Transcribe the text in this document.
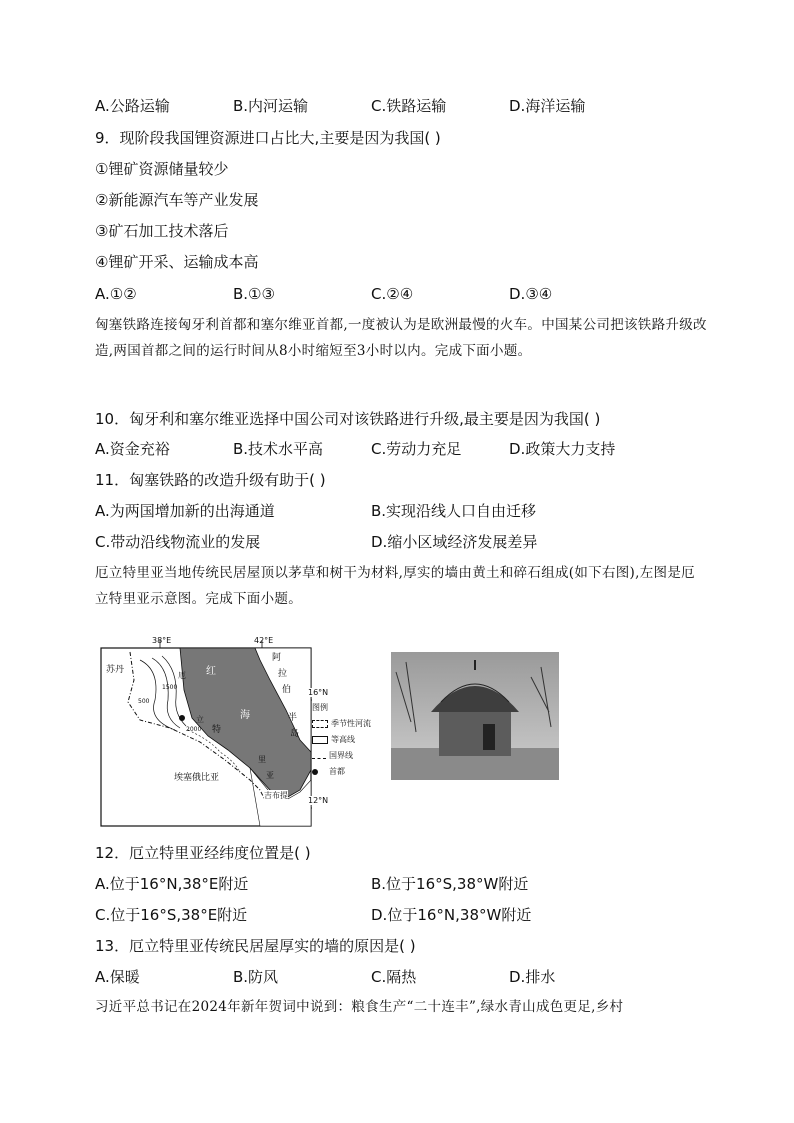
A.公路运输	B.内河运输	C.铁路运输	D.海洋运输
9．现阶段我国锂资源进口占比大,主要是因为我国( )
①锂矿资源储量较少
②新能源汽车等产业发展
③矿石加工技术落后
④锂矿开采、运输成本高
A.①②	B.①③	C.②④	D.③④
匈塞铁路连接匈牙利首都和塞尔维亚首都,一度被认为是欧洲最慢的火车。中国某公司把该铁路升级改造,两国首都之间的运行时间从8小时缩短至3小时以内。完成下面小题。
10．匈牙利和塞尔维亚选择中国公司对该铁路进行升级,最主要是因为我国( )
A.资金充裕	B.技术水平高	C.劳动力充足	D.政策大力支持
11．匈塞铁路的改造升级有助于( )
A.为两国增加新的出海通道	B.实现沿线人口自由迁移
C.带动沿线物流业的发展	D.缩小区域经济发展差异
厄立特里亚当地传统民居屋顶以茅草和树干为材料,厚实的墙由黄土和碎石组成(如下右图),左图是厄立特里亚示意图。完成下面小题。
38°E	42°E
16°N
12°N
苏丹	红
海
阿
拉
伯
半
岛
厄
立
特
里
亚
埃塞俄比亚
吉布提
500
1500
2000
图例
季节性河流
等高线
国界线
首都
12．厄立特里亚经纬度位置是( )
A.位于16°N,38°E附近	B.位于16°S,38°W附近
C.位于16°S,38°E附近	D.位于16°N,38°W附近
13．厄立特里亚传统民居屋厚实的墙的原因是( )
A.保暖	B.防风	C.隔热	D.排水
习近平总书记在2024年新年贺词中说到：粮食生产“二十连丰”,绿水青山成色更足,乡村
